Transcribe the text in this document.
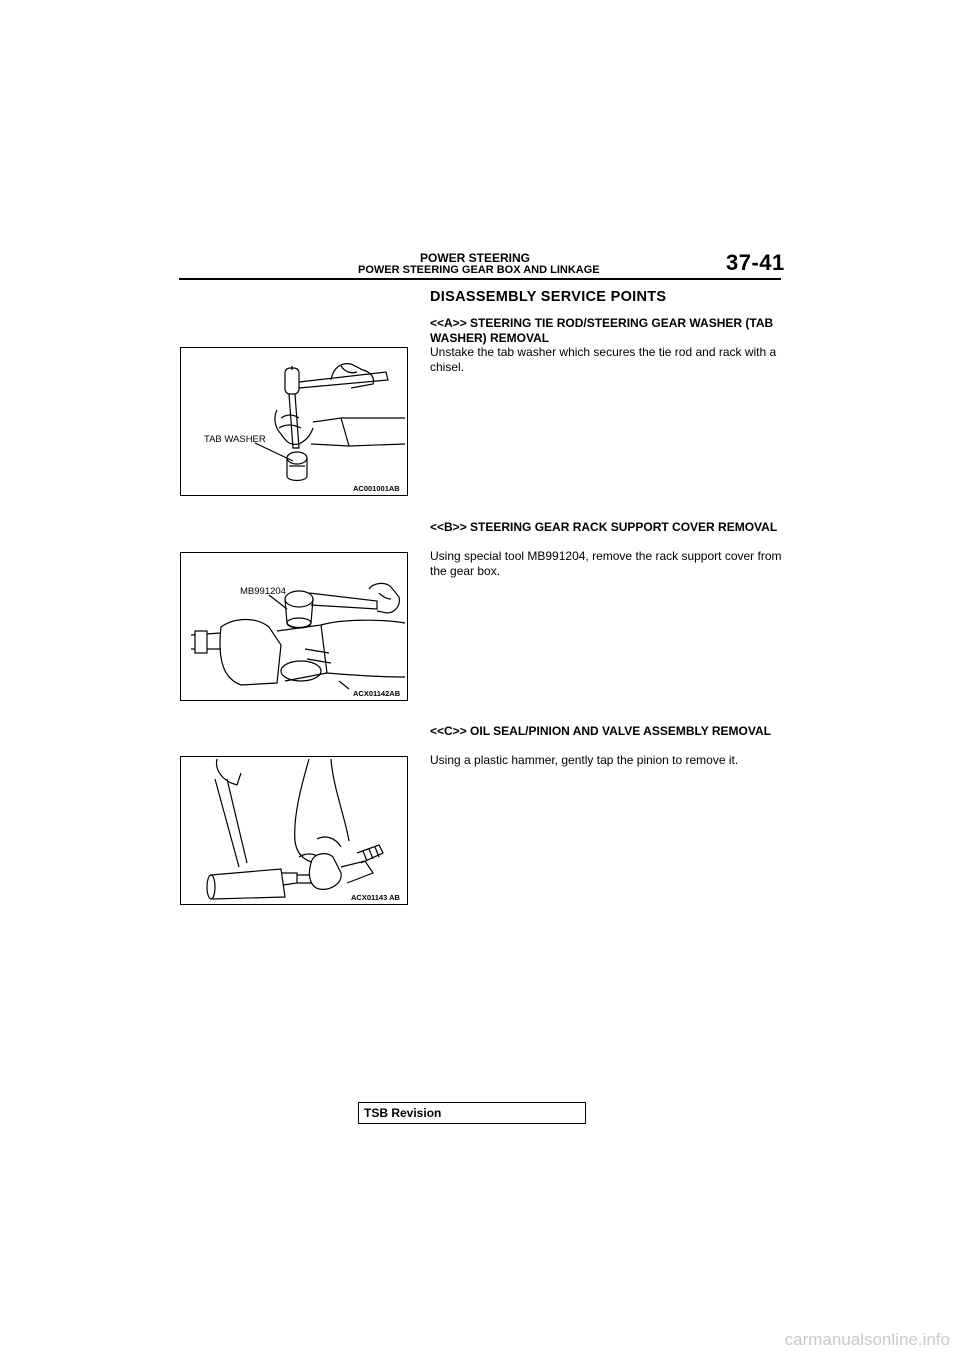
POWER STEERING
POWER STEERING GEAR BOX AND LINKAGE	37-41
DISASSEMBLY SERVICE POINTS
<<A>> STEERING TIE ROD/STEERING GEAR WASHER (TAB WASHER) REMOVAL
Unstake the tab washer which secures the tie rod and rack with a chisel.
TAB WASHER
AC001001AB
<<B>> STEERING GEAR RACK SUPPORT COVER REMOVAL
Using special tool MB991204, remove the rack support cover from the gear box.
MB991204
ACX01142AB
<<C>> OIL SEAL/PINION AND VALVE ASSEMBLY REMOVAL
Using a plastic hammer, gently tap the pinion to remove it.
ACX01143 AB
TSB Revision
carmanualsonline.info
